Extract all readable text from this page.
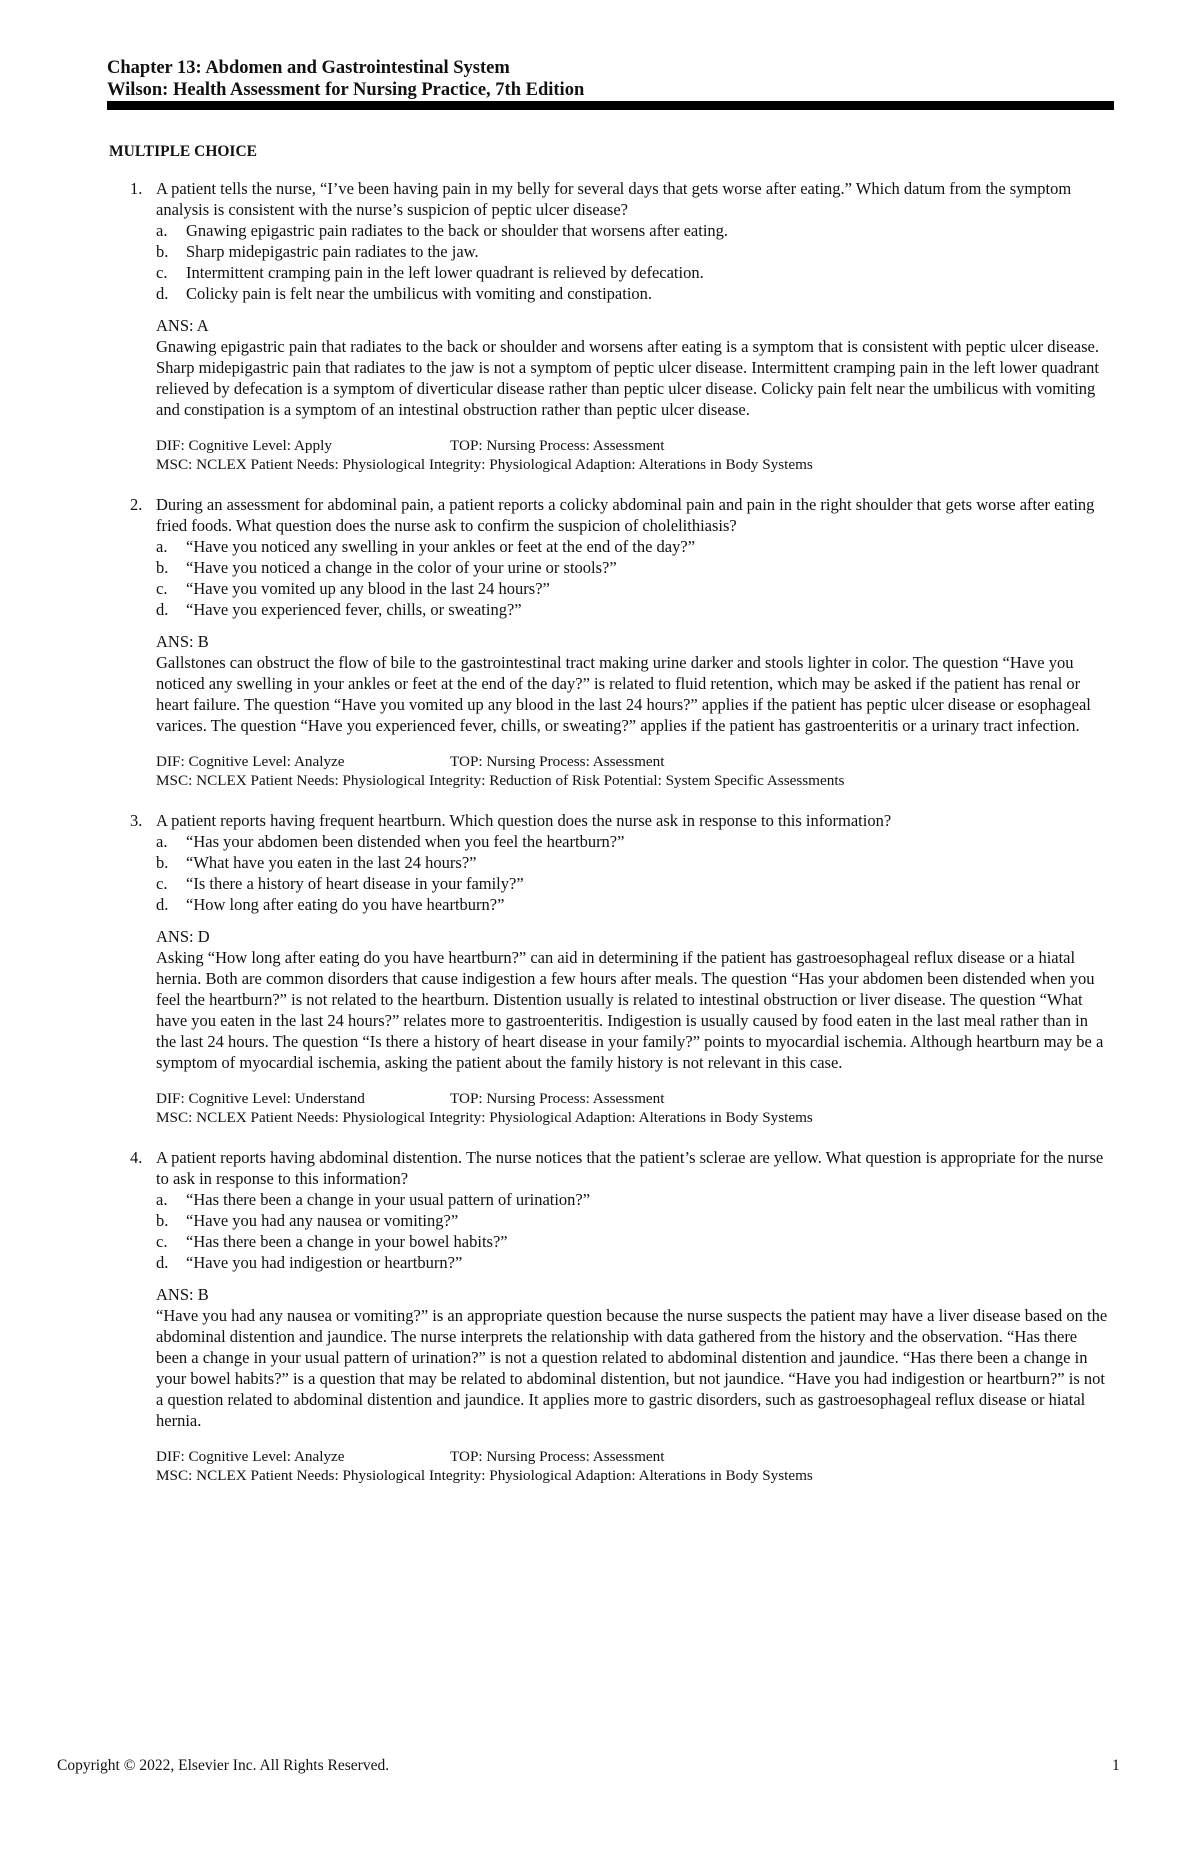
Chapter 13: Abdomen and Gastrointestinal System
Wilson: Health Assessment for Nursing Practice, 7th Edition
MULTIPLE CHOICE
1. A patient tells the nurse, “I’ve been having pain in my belly for several days that gets worse after eating.” Which datum from the symptom analysis is consistent with the nurse’s suspicion of peptic ulcer disease?
a. Gnawing epigastric pain radiates to the back or shoulder that worsens after eating.
b. Sharp midepigastric pain radiates to the jaw.
c. Intermittent cramping pain in the left lower quadrant is relieved by defecation.
d. Colicky pain is felt near the umbilicus with vomiting and constipation.
ANS: A
Gnawing epigastric pain that radiates to the back or shoulder and worsens after eating is a symptom that is consistent with peptic ulcer disease. Sharp midepigastric pain that radiates to the jaw is not a symptom of peptic ulcer disease. Intermittent cramping pain in the left lower quadrant relieved by defecation is a symptom of diverticular disease rather than peptic ulcer disease. Colicky pain felt near the umbilicus with vomiting and constipation is a symptom of an intestinal obstruction rather than peptic ulcer disease.
DIF: Cognitive Level: Apply	TOP: Nursing Process: Assessment
MSC: NCLEX Patient Needs: Physiological Integrity: Physiological Adaption: Alterations in Body Systems
2. During an assessment for abdominal pain, a patient reports a colicky abdominal pain and pain in the right shoulder that gets worse after eating fried foods. What question does the nurse ask to confirm the suspicion of cholelithiasis?
a. “Have you noticed any swelling in your ankles or feet at the end of the day?”
b. “Have you noticed a change in the color of your urine or stools?”
c. “Have you vomited up any blood in the last 24 hours?”
d. “Have you experienced fever, chills, or sweating?”
ANS: B
Gallstones can obstruct the flow of bile to the gastrointestinal tract making urine darker and stools lighter in color. The question “Have you noticed any swelling in your ankles or feet at the end of the day?” is related to fluid retention, which may be asked if the patient has renal or heart failure. The question “Have you vomited up any blood in the last 24 hours?” applies if the patient has peptic ulcer disease or esophageal varices. The question “Have you experienced fever, chills, or sweating?” applies if the patient has gastroenteritis or a urinary tract infection.
DIF: Cognitive Level: Analyze	TOP: Nursing Process: Assessment
MSC: NCLEX Patient Needs: Physiological Integrity: Reduction of Risk Potential: System Specific Assessments
3. A patient reports having frequent heartburn. Which question does the nurse ask in response to this information?
a. “Has your abdomen been distended when you feel the heartburn?”
b. “What have you eaten in the last 24 hours?”
c. “Is there a history of heart disease in your family?”
d. “How long after eating do you have heartburn?”
ANS: D
Asking “How long after eating do you have heartburn?” can aid in determining if the patient has gastroesophageal reflux disease or a hiatal hernia. Both are common disorders that cause indigestion a few hours after meals. The question “Has your abdomen been distended when you feel the heartburn?” is not related to the heartburn. Distention usually is related to intestinal obstruction or liver disease. The question “What have you eaten in the last 24 hours?” relates more to gastroenteritis. Indigestion is usually caused by food eaten in the last meal rather than in the last 24 hours. The question “Is there a history of heart disease in your family?” points to myocardial ischemia. Although heartburn may be a symptom of myocardial ischemia, asking the patient about the family history is not relevant in this case.
DIF: Cognitive Level: Understand	TOP: Nursing Process: Assessment
MSC: NCLEX Patient Needs: Physiological Integrity: Physiological Adaption: Alterations in Body Systems
4. A patient reports having abdominal distention. The nurse notices that the patient’s sclerae are yellow. What question is appropriate for the nurse to ask in response to this information?
a. “Has there been a change in your usual pattern of urination?”
b. “Have you had any nausea or vomiting?”
c. “Has there been a change in your bowel habits?”
d. “Have you had indigestion or heartburn?”
ANS: B
“Have you had any nausea or vomiting?” is an appropriate question because the nurse suspects the patient may have a liver disease based on the abdominal distention and jaundice. The nurse interprets the relationship with data gathered from the history and the observation. “Has there been a change in your usual pattern of urination?” is not a question related to abdominal distention and jaundice. “Has there been a change in your bowel habits?” is a question that may be related to abdominal distention, but not jaundice. “Have you had indigestion or heartburn?” is not a question related to abdominal distention and jaundice. It applies more to gastric disorders, such as gastroesophageal reflux disease or hiatal hernia.
DIF: Cognitive Level: Analyze	TOP: Nursing Process: Assessment
MSC: NCLEX Patient Needs: Physiological Integrity: Physiological Adaption: Alterations in Body Systems
Copyright © 2022, Elsevier Inc. All Rights Reserved.	1
